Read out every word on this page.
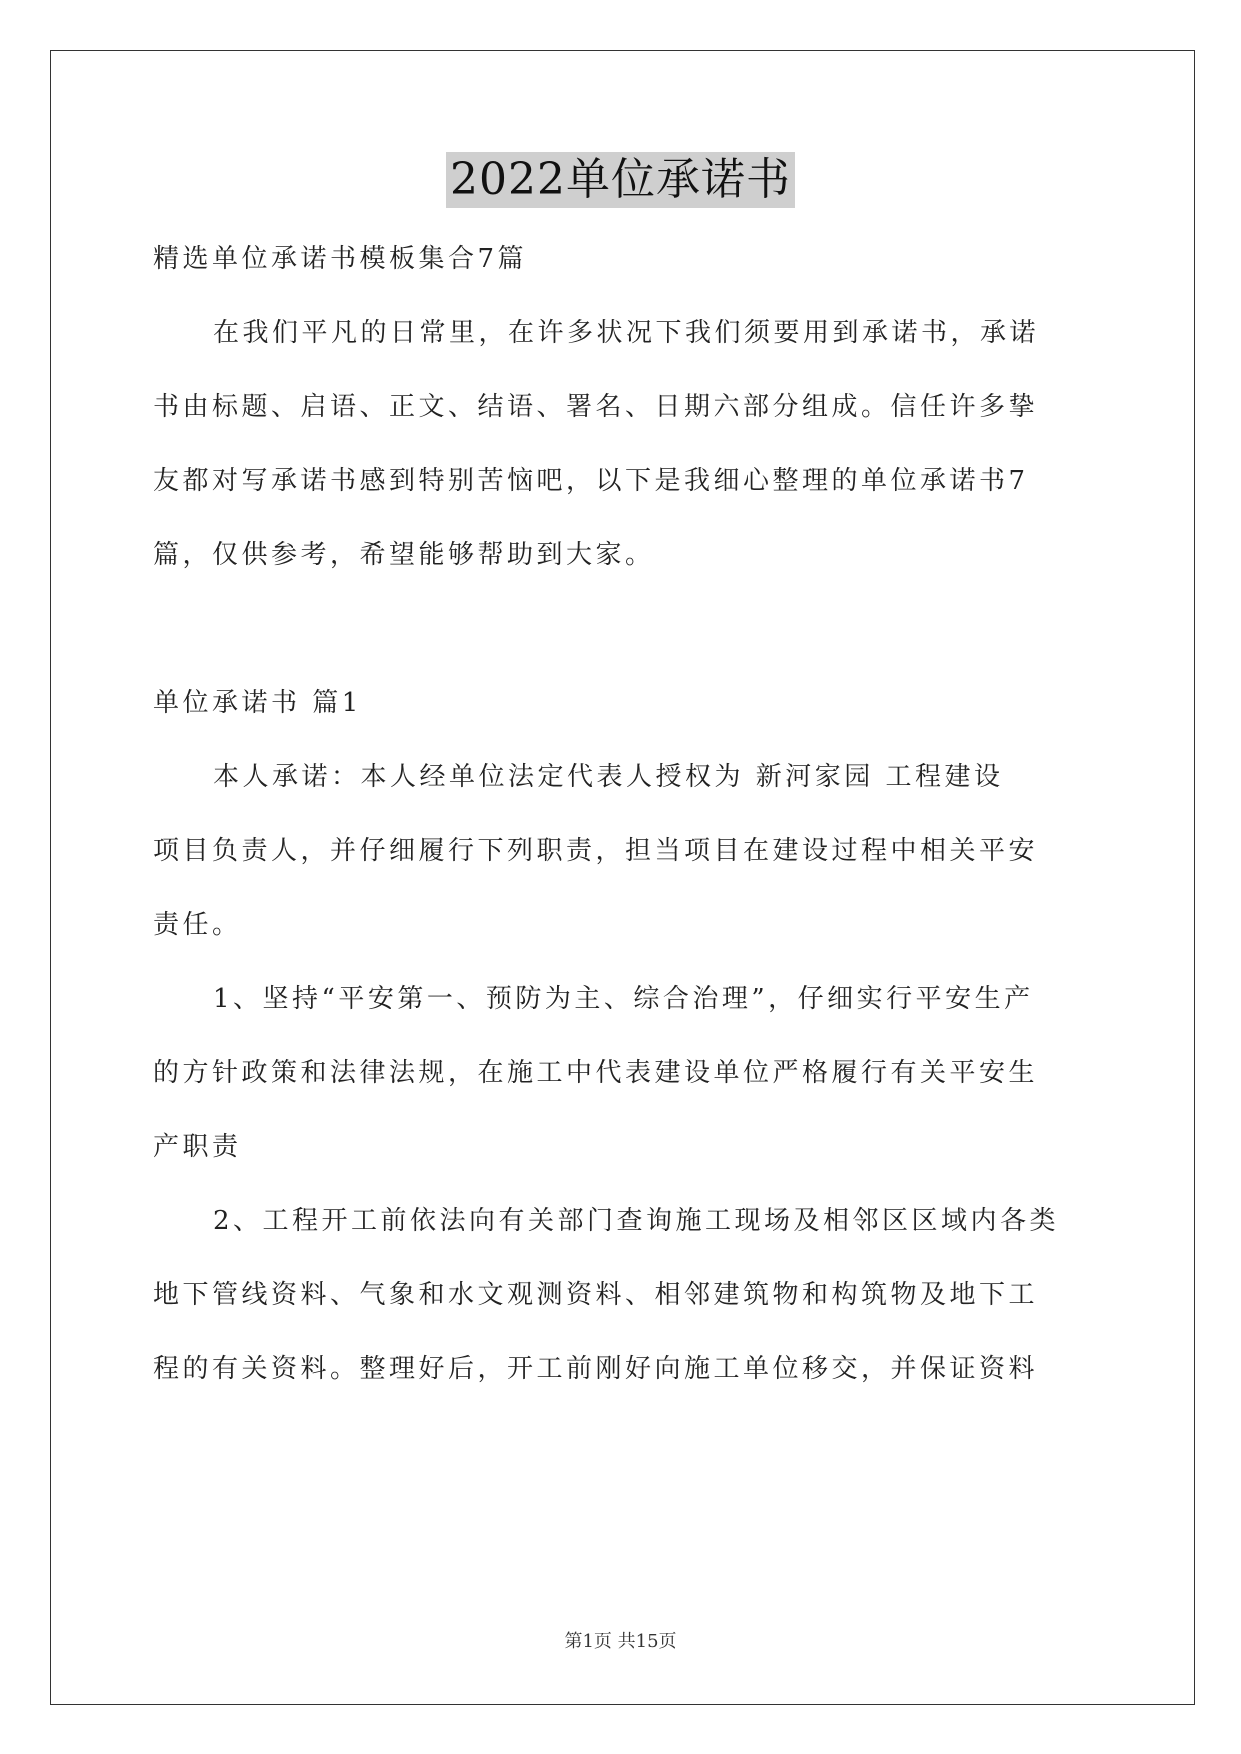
2022单位承诺书
精选单位承诺书模板集合7篇
在我们平凡的日常里，在许多状况下我们须要用到承诺书，承诺
书由标题、启语、正文、结语、署名、日期六部分组成。信任许多挚
友都对写承诺书感到特别苦恼吧，以下是我细心整理的单位承诺书7
篇，仅供参考，希望能够帮助到大家。
单位承诺书 篇1
本人承诺：本人经单位法定代表人授权为 新河家园 工程建设
项目负责人，并仔细履行下列职责，担当项目在建设过程中相关平安
责任。
1、坚持“平安第一、预防为主、综合治理”，仔细实行平安生产
的方针政策和法律法规，在施工中代表建设单位严格履行有关平安生
产职责
2、工程开工前依法向有关部门查询施工现场及相邻区区域内各类
地下管线资料、气象和水文观测资料、相邻建筑物和构筑物及地下工
程的有关资料。整理好后，开工前刚好向施工单位移交，并保证资料
第1页 共15页
